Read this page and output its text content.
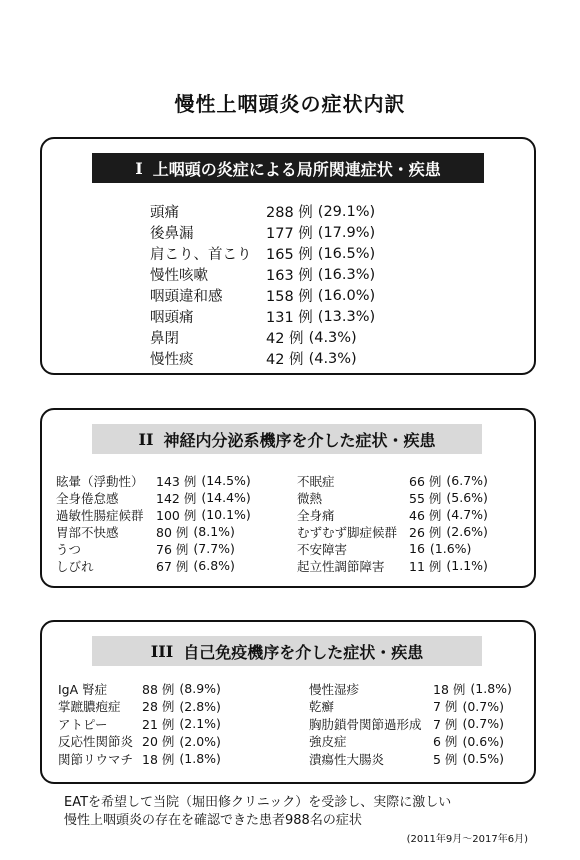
慢性上咽頭炎の症状内訳
I 上咽頭の炎症による局所関連症状・疾患
頭痛	288 例 (29.1%)
後鼻漏	177 例 (17.9%)
肩こり、首こり	165 例 (16.5%)
慢性咳嗽	163 例 (16.3%)
咽頭違和感	158 例 (16.0%)
咽頭痛	131 例 (13.3%)
鼻閉	42 例 (4.3%)
慢性痰	42 例 (4.3%)
II 神経内分泌系機序を介した症状・疾患
眩暈（浮動性） 143 例 (14.5%)
全身倦怠感	142 例 (14.4%)
過敏性腸症候群 100 例 (10.1%)
胃部不快感	80 例 (8.1%)
うつ	76 例 (7.7%)
しびれ	67 例 (6.8%)
不眠症	66 例 (6.7%)
微熱	55 例 (5.6%)
全身痛	46 例 (4.7%)
むずむず脚症候群 26 例 (2.6%)
不安障害	16 (1.6%)
起立性調節障害	11 例 (1.1%)
III 自己免疫機序を介した症状・疾患
IgA 腎症	88 例 (8.9%)
掌蹠膿疱症	28 例 (2.8%)
アトピー	21 例 (2.1%)
反応性関節炎 20 例 (2.0%)
関節リウマチ 18 例 (1.8%)
慢性湿疹	18 例 (1.8%)
乾癬	7 例 (0.7%)
胸肋鎖骨関節過形成 7 例 (0.7%)
強皮症	6 例 (0.6%)
潰瘍性大腸炎	5 例 (0.5%)
EATを希望して当院（堀田修クリニック）を受診し、実際に激しい
慢性上咽頭炎の存在を確認できた患者988名の症状
(2011年9月〜2017年6月)
